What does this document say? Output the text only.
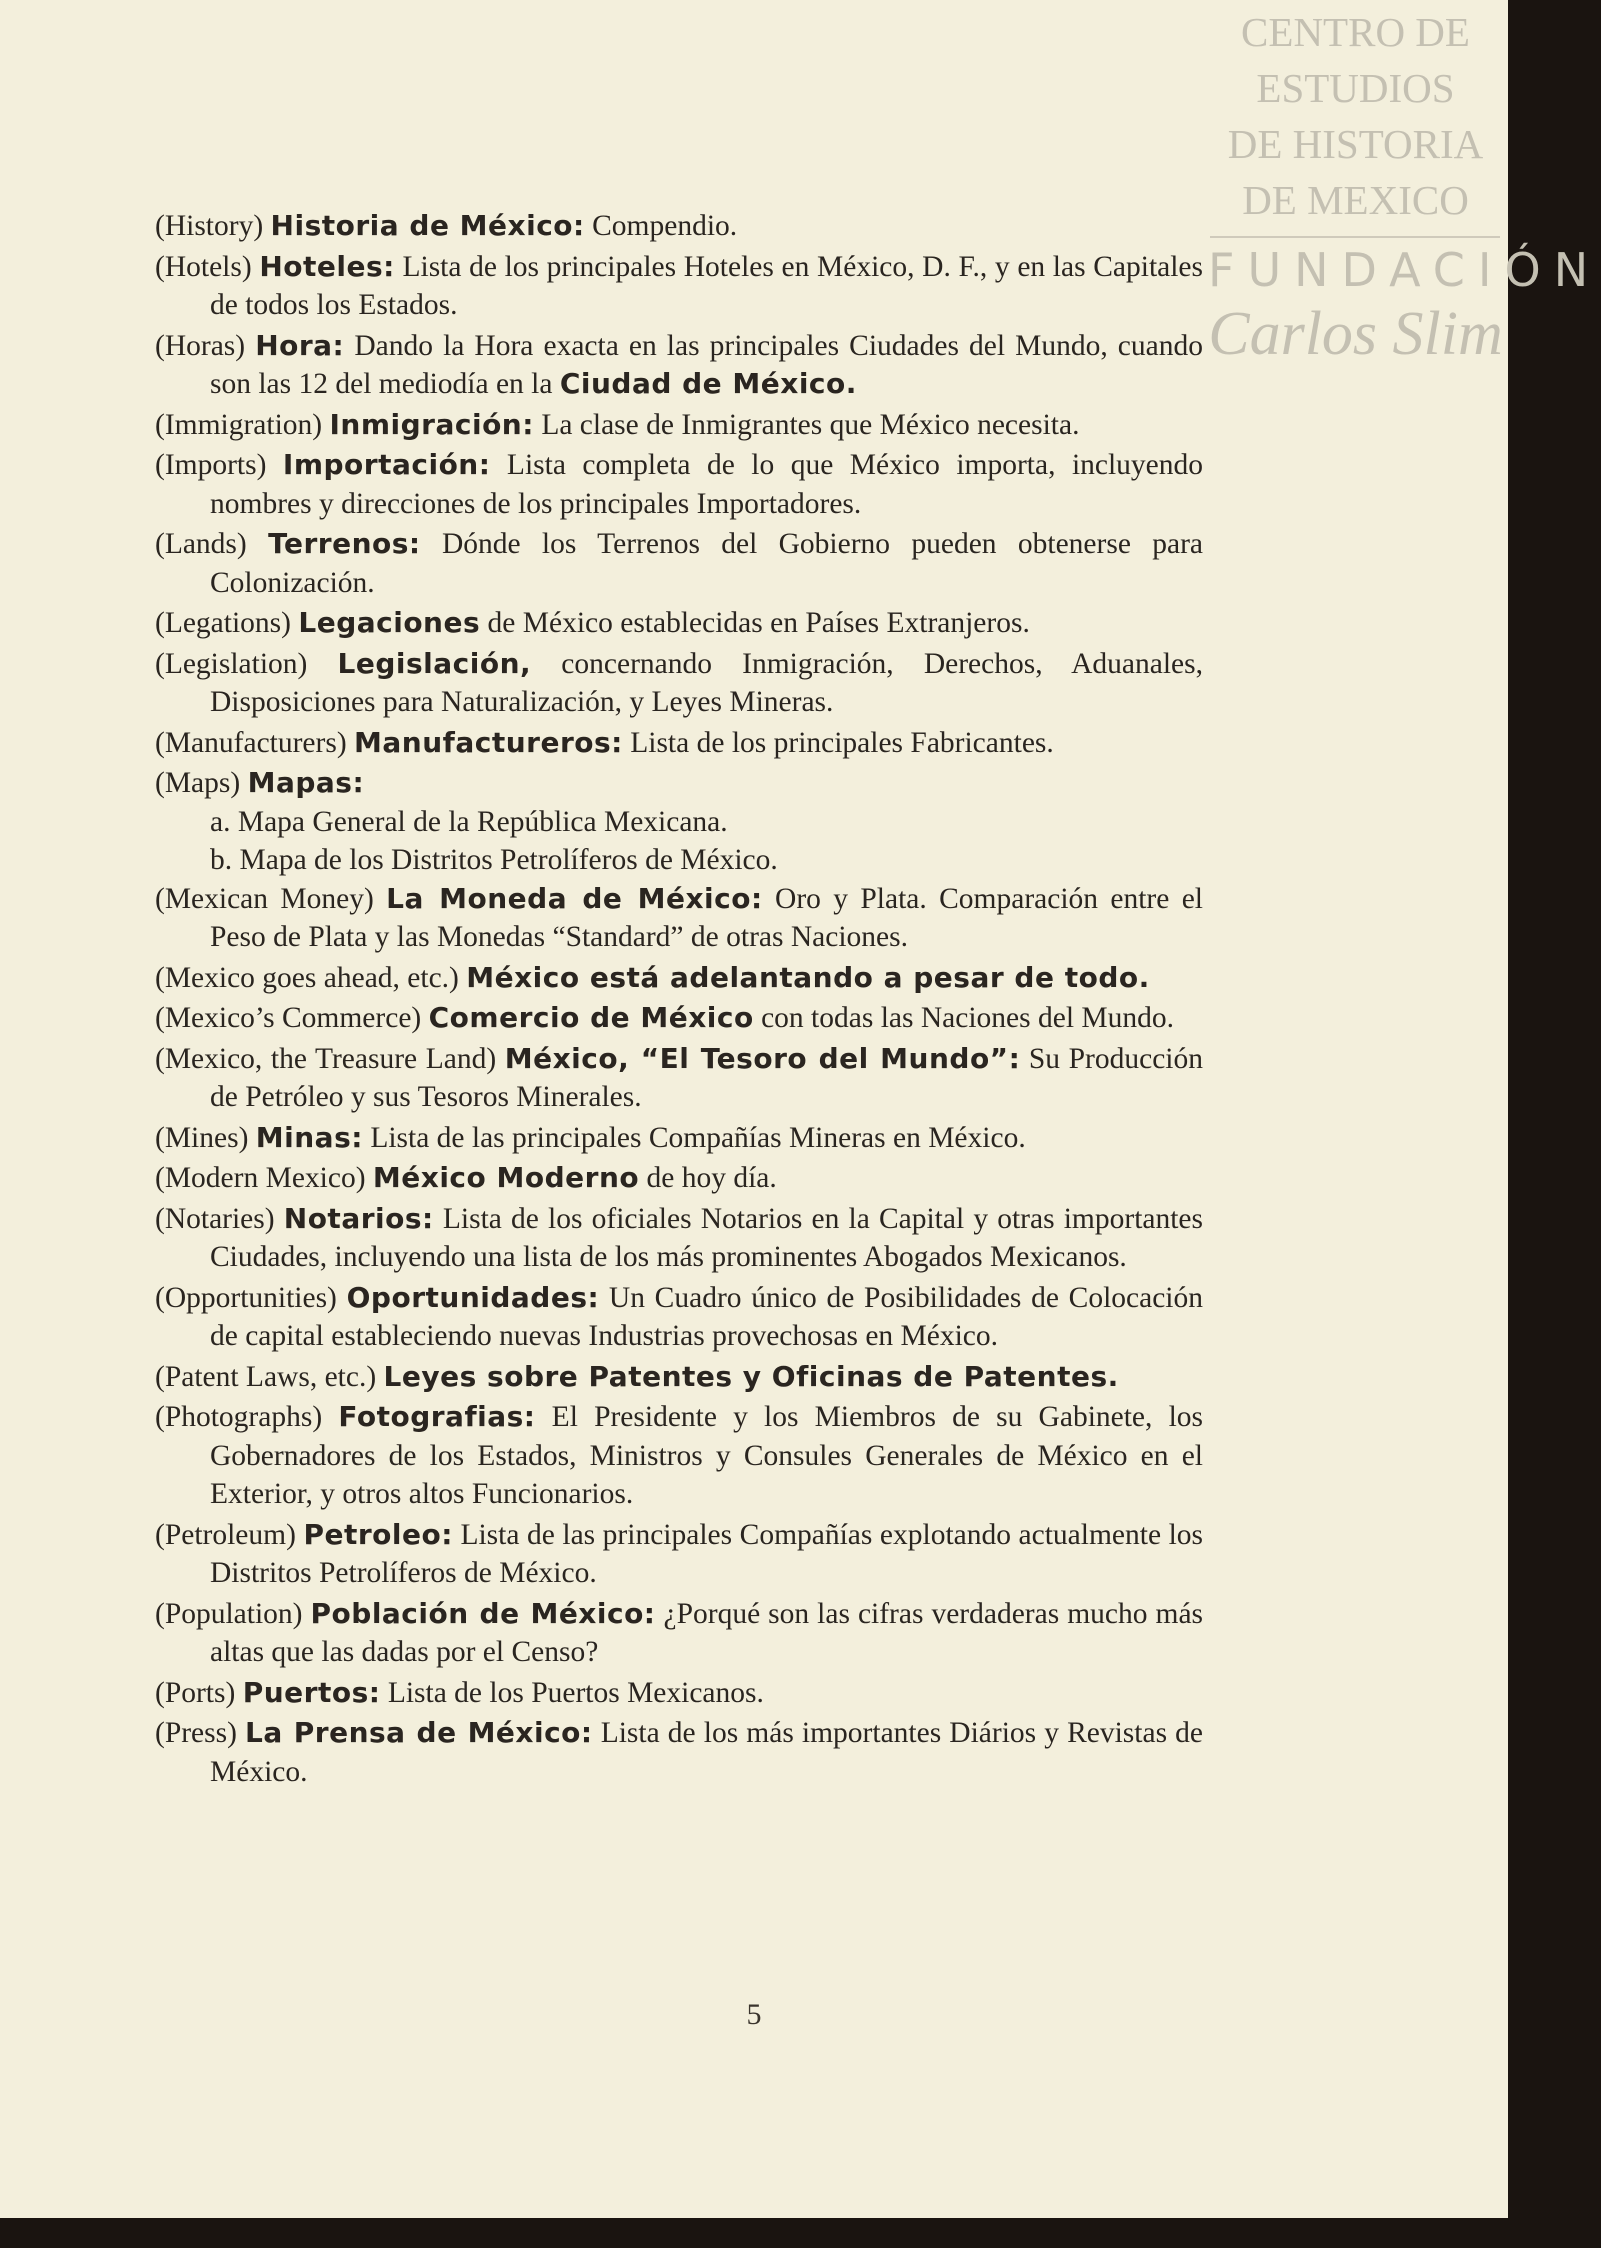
CENTRO DE
ESTUDIOS
DE HISTORIA
DE MEXICO
FUNDACIÓN
Carlos Slim
(History) Historia de México: Compendio.
(Hotels) Hoteles: Lista de los principales Hoteles en México, D. F., y en las Capitales de todos los Estados.
(Horas) Hora: Dando la Hora exacta en las principales Ciudades del Mundo, cuando son las 12 del mediodía en la Ciudad de México.
(Immigration) Inmigración: La clase de Inmigrantes que México necesita.
(Imports) Importación: Lista completa de lo que México importa, incluyendo nombres y direcciones de los principales Importadores.
(Lands) Terrenos: Dónde los Terrenos del Gobierno pueden obtenerse para Colonización.
(Legations) Legaciones de México establecidas en Países Extranjeros.
(Legislation) Legislación, concernando Inmigración, Derechos, Aduanales, Disposiciones para Naturalización, y Leyes Mineras.
(Manufacturers) Manufactureros: Lista de los principales Fabricantes.
(Maps) Mapas:
a. Mapa General de la República Mexicana.
b. Mapa de los Distritos Petrolíferos de México.
(Mexican Money) La Moneda de México: Oro y Plata. Comparación entre el Peso de Plata y las Monedas “Standard” de otras Naciones.
(Mexico goes ahead, etc.) México está adelantando a pesar de todo.
(Mexico’s Commerce) Comercio de México con todas las Naciones del Mundo.
(Mexico, the Treasure Land) México, “El Tesoro del Mundo”: Su Producción de Petróleo y sus Tesoros Minerales.
(Mines) Minas: Lista de las principales Compañías Mineras en México.
(Modern Mexico) México Moderno de hoy día.
(Notaries) Notarios: Lista de los oficiales Notarios en la Capital y otras importantes Ciudades, incluyendo una lista de los más prominentes Abogados Mexicanos.
(Opportunities) Oportunidades: Un Cuadro único de Posibilidades de Colocación de capital estableciendo nuevas Industrias provechosas en México.
(Patent Laws, etc.) Leyes sobre Patentes y Oficinas de Patentes.
(Photographs) Fotografias: El Presidente y los Miembros de su Gabinete, los Gobernadores de los Estados, Ministros y Consules Generales de México en el Exterior, y otros altos Funcionarios.
(Petroleum) Petroleo: Lista de las principales Compañías explotando actualmente los Distritos Petrolíferos de México.
(Population) Población de México: ¿Porqué son las cifras verdaderas mucho más altas que las dadas por el Censo?
(Ports) Puertos: Lista de los Puertos Mexicanos.
(Press) La Prensa de México: Lista de los más importantes Diários y Revistas de México.
5
